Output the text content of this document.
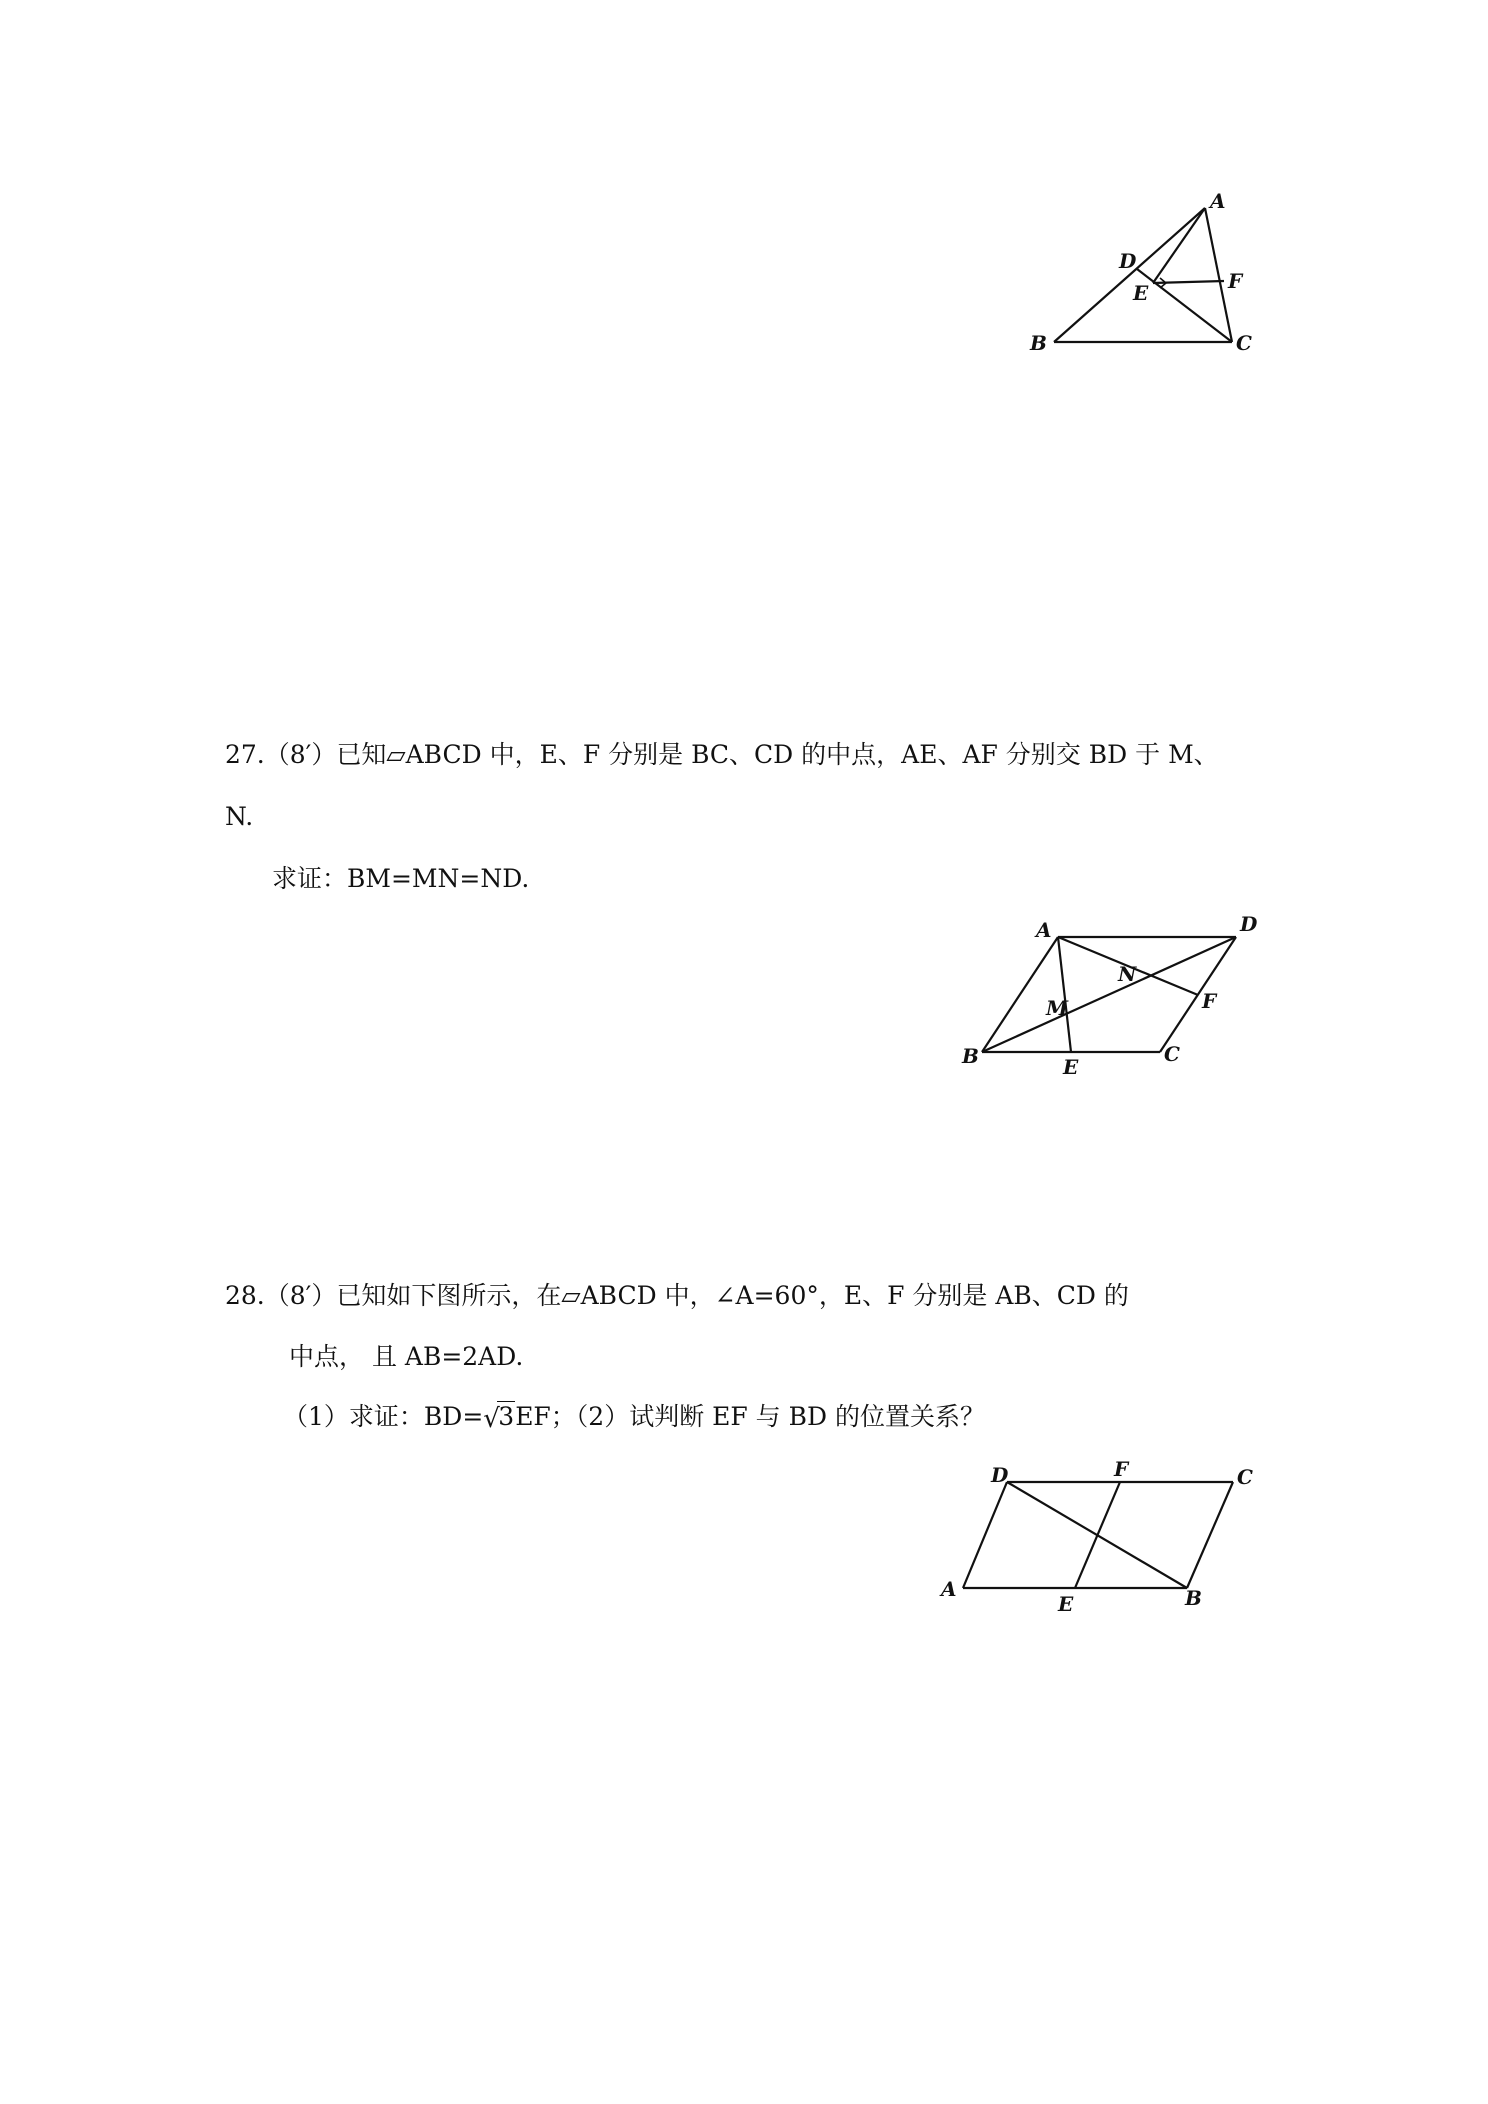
A
B	C
D
E	F
27.（8′）已知▱ABCD 中，E、F 分别是 BC、CD 的中点，AE、AF 分别交 BD 于 M、
N.
求证：BM=MN=ND.
A	D
B	C
E
F
M
N
28.（8′）已知如下图所示，在▱ABCD 中，∠A=60°，E、F 分别是 AB、CD 的
中点， 且 AB=2AD.
（1）求证：BD= √
3EF；（2）试判断 EF 与 BD 的位置关系？
D	F	C
A
E	B
